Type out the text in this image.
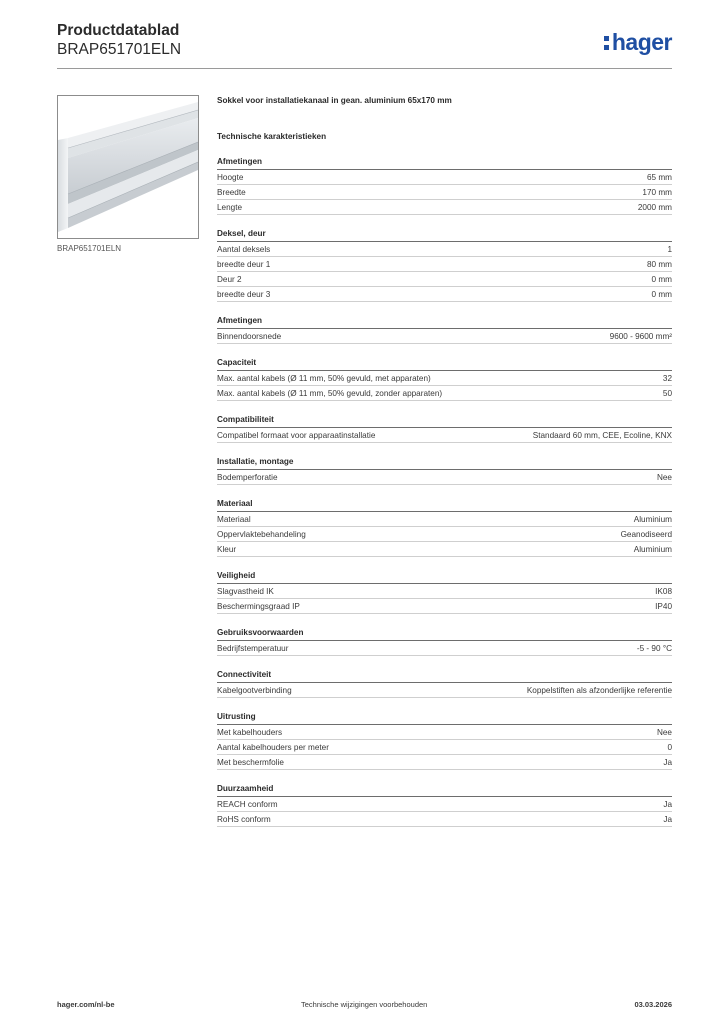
Productdatablad
BRAP651701ELN	hager
BRAP651701ELN
Sokkel voor installatiekanaal in gean. aluminium 65x170 mm
Technische karakteristieken
Afmetingen
Hoogte	65 mm
Breedte	170 mm
Lengte	2000 mm
Deksel, deur
Aantal deksels	1
breedte deur 1	80 mm
Deur 2	0 mm
breedte deur 3	0 mm
Afmetingen
Binnendoorsnede	9600 - 9600 mm²
Capaciteit
Max. aantal kabels (Ø 11 mm, 50% gevuld, met apparaten)	32
Max. aantal kabels (Ø 11 mm, 50% gevuld, zonder apparaten)	50
Compatibiliteit
Compatibel formaat voor apparaatinstallatie	Standaard 60 mm, CEE, Ecoline, KNX
Installatie, montage
Bodemperforatie	Nee
Materiaal
Materiaal	Aluminium
Oppervlaktebehandeling	Geanodiseerd
Kleur	Aluminium
Veiligheid
Slagvastheid IK	IK08
Beschermingsgraad IP	IP40
Gebruiksvoorwaarden
Bedrijfstemperatuur	-5 - 90 °C
Connectiviteit
Kabelgootverbinding	Koppelstiften als afzonderlijke referentie
Uitrusting
Met kabelhouders	Nee
Aantal kabelhouders per meter	0
Met beschermfolie	Ja
Duurzaamheid
REACH conform	Ja
RoHS conform	Ja
hager.com/nl-be	Technische wijzigingen voorbehouden	03.03.2026
